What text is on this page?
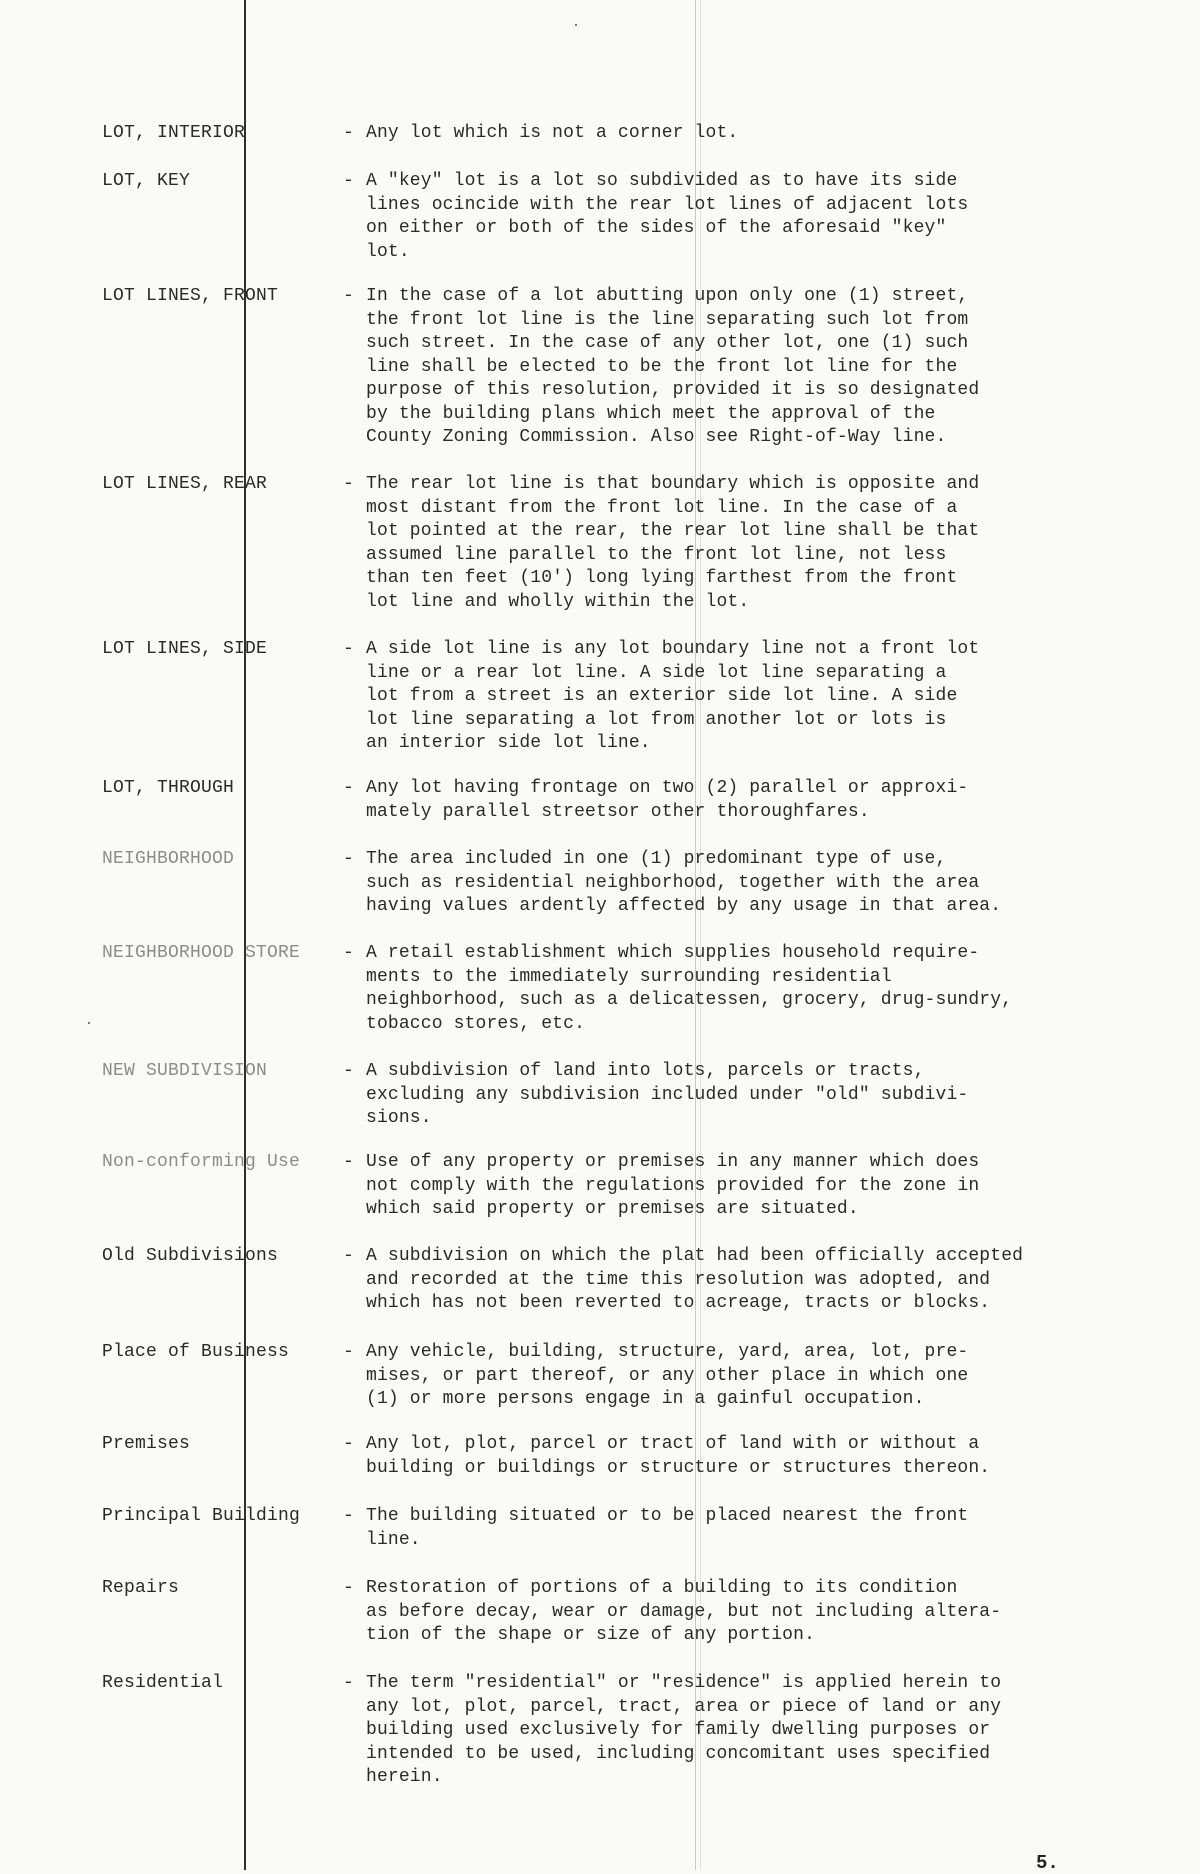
LOT, INTERIOR	- Any lot which is not a corner lot.
LOT, KEY	- A "key" lot is a lot so subdivided as to have its side
lines ocincide with the rear lot lines of adjacent lots
on either or both of the sides of the aforesaid "key"
lot.
LOT LINES, FRONT	- In the case of a lot abutting upon only one (1) street,
the front lot line is the line separating such lot from
such street. In the case of any other lot, one (1) such
line shall be elected to be the front lot line for the
purpose of this resolution, provided it is so designated
by the building plans which meet the approval of the
County Zoning Commission. Also see Right-of-Way line.
LOT LINES, REAR	- The rear lot line is that boundary which is opposite and
most distant from the front lot line. In the case of a
lot pointed at the rear, the rear lot line shall be that
assumed line parallel to the front lot line, not less
than ten feet (10') long lying farthest from the front
lot line and wholly within the lot.
LOT LINES, SIDE	- A side lot line is any lot boundary line not a front lot
line or a rear lot line. A side lot line separating a
lot from a street is an exterior side lot line. A side
lot line separating a lot from another lot or lots is
an interior side lot line.
LOT, THROUGH	- Any lot having frontage on two (2) parallel or approxi-
mately parallel streetsor other thoroughfares.
NEIGHBORHOOD	- The area included in one (1) predominant type of use,
such as residential neighborhood, together with the area
having values ardently affected by any usage in that area.
NEIGHBORHOOD STORE	- A retail establishment which supplies household require-
ments to the immediately surrounding residential
neighborhood, such as a delicatessen, grocery, drug-sundry,
tobacco stores, etc.
NEW SUBDIVISION	- A subdivision of land into lots, parcels or tracts,
excluding any subdivision included under "old" subdivi-
sions.
Non-conforming Use	- Use of any property or premises in any manner which does
not comply with the regulations provided for the zone in
which said property or premises are situated.
Old Subdivisions	- A subdivision on which the plat had been officially accepted
and recorded at the time this resolution was adopted, and
which has not been reverted to acreage, tracts or blocks.
Place of Business	- Any vehicle, building, structure, yard, area, lot, pre-
mises, or part thereof, or any other place in which one
(1) or more persons engage in a gainful occupation.
Premises	- Any lot, plot, parcel or tract of land with or without a
building or buildings or structure or structures thereon.
Principal Building	- The building situated or to be placed nearest the front
line.
Repairs	- Restoration of portions of a building to its condition
as before decay, wear or damage, but not including altera-
tion of the shape or size of any portion.
Residential	- The term "residential" or "residence" is applied herein to
any lot, plot, parcel, tract, area or piece of land or any
building used exclusively for family dwelling purposes or
intended to be used, including concomitant uses specified
herein.
5.
